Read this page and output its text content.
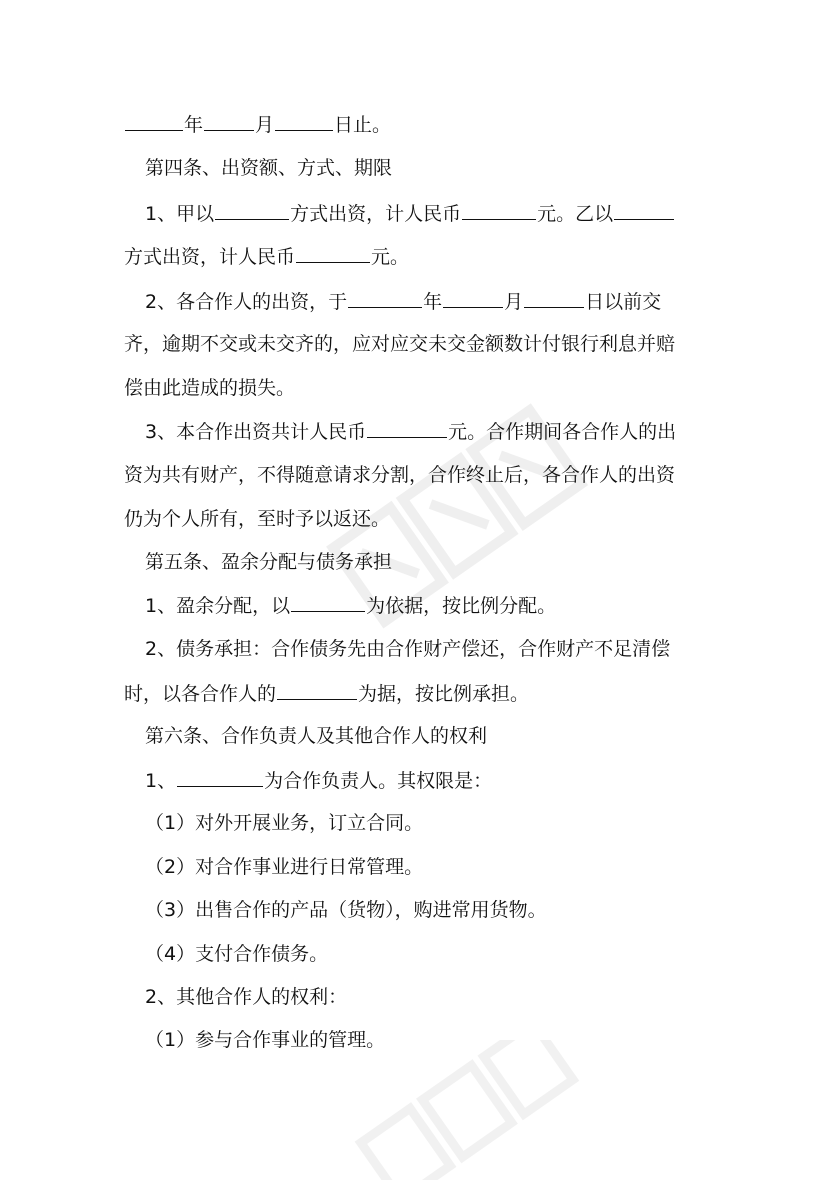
年	月	日止。
第四条、出资额、方式、期限
1、甲以	方式出资，计人民币	元。乙以
方式出资，计人民币	元。
2、各合作人的出资，于	年	月	日以前交
齐，逾期不交或未交齐的，应对应交未交金额数计付银行利息并赔
偿由此造成的损失。
3、本合作出资共计人民币	元。合作期间各合作人的出
资为共有财产，不得随意请求分割，合作终止后，各合作人的出资
仍为个人所有，至时予以返还。
第五条、盈余分配与债务承担
1、盈余分配，以	为依据，按比例分配。
2、债务承担：合作债务先由合作财产偿还，合作财产不足清偿
时，以各合作人的	为据，按比例承担。
第六条、合作负责人及其他合作人的权利
1、	为合作负责人。其权限是：
（1）对外开展业务，订立合同。
（2）对合作事业进行日常管理。
（3）出售合作的产品（货物），购进常用货物。
（4）支付合作债务。
2、其他合作人的权利：
（1）参与合作事业的管理。
